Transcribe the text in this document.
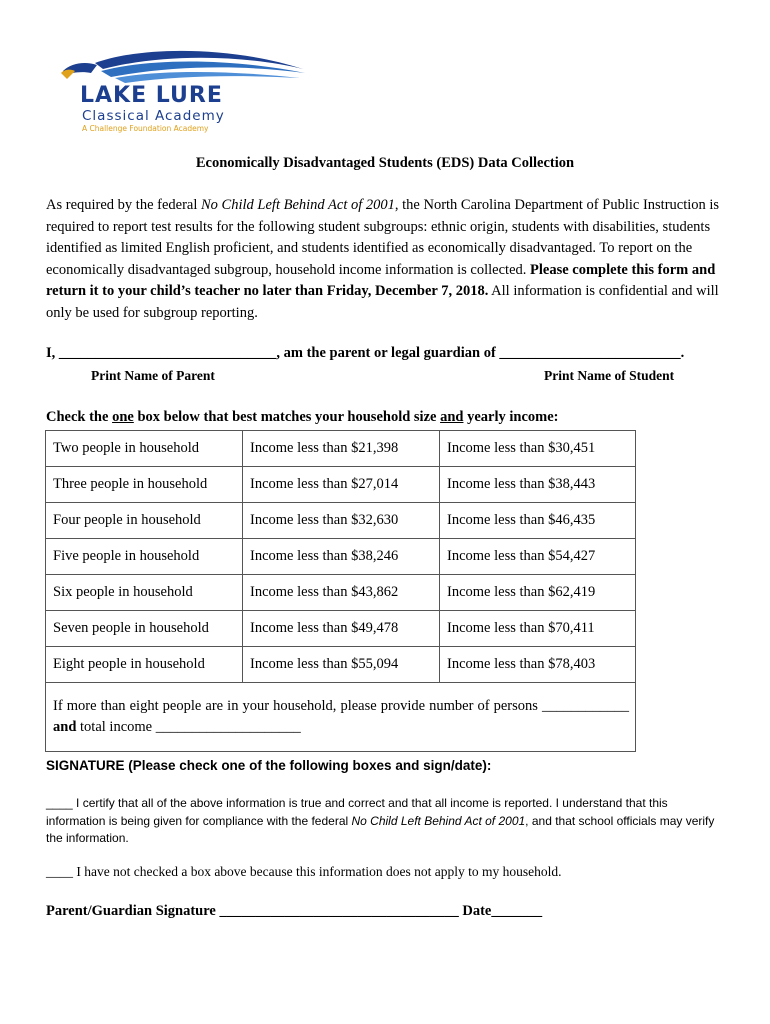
LAKE LURE
Classical Academy
A Challenge Foundation Academy
Economically Disadvantaged Students (EDS) Data Collection

As required by the federal No Child Left Behind Act of 2001, the North Carolina Department of Public Instruction is required to report test results for the following student subgroups: ethnic origin, students with disabilities, students identified as limited English proficient, and students identified as economically disadvantaged. To report on the economically disadvantaged subgroup, household income information is collected. Please complete this form and return it to your child’s teacher no later than Friday, December 7, 2018. All information is confidential and will only be used for subgroup reporting.

I, ______________________________, am the parent or legal guardian of _________________________.
Print Name of Parent	Print Name of Student
Check the one box below that best matches your household size and yearly income:
Two people in household	Income less than $21,398	Income less than $30,451
Three people in household	Income less than $27,014	Income less than $38,443
Four people in household	Income less than $32,630	Income less than $46,435
Five people in household	Income less than $38,246	Income less than $54,427
Six people in household	Income less than $43,862	Income less than $62,419
Seven people in household	Income less than $49,478	Income less than $70,411
Eight people in household	Income less than $55,094	Income less than $78,403
If more than eight people are in your household, please provide number of persons ____________ and total income ____________________		
SIGNATURE (Please check one of the following boxes and sign/date):

____ I certify that all of the above information is true and correct and that all income is reported. I understand that this information is being given for compliance with the federal No Child Left Behind Act of 2001, and that school officials may verify the information.

____ I have not checked a box above because this information does not apply to my household.
Parent/Guardian Signature _________________________________ Date_______
